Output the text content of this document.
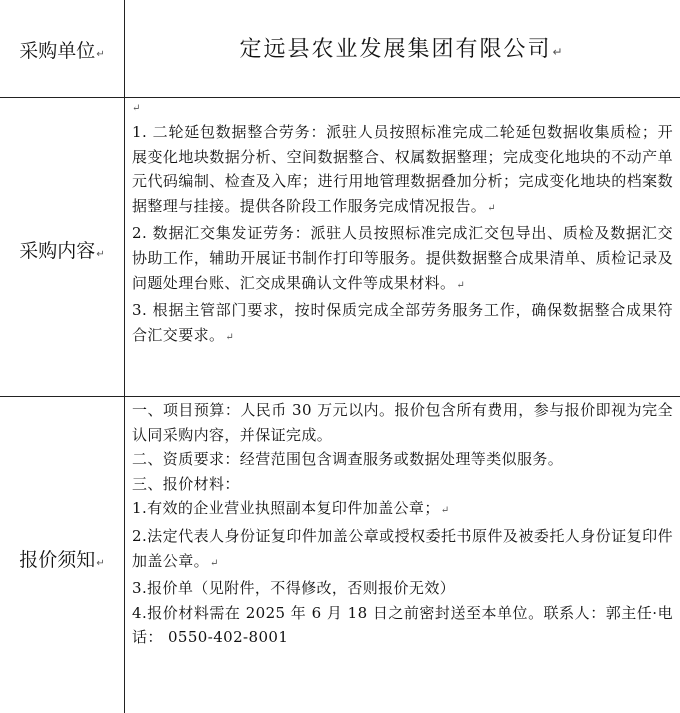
采购单位↵	定远县农业发展集团有限公司↵
↵
采购内容↵

1. 二轮延包数据整合劳务：派驻人员按照标准完成二轮延包数据收集质检；开展变化地块数据分析、空间数据整合、权属数据整理；完成变化地块的不动产单元代码编制、检查及入库；进行用地管理数据叠加分析；完成变化地块的档案数据整理与挂接。提供各阶段工作服务完成情况报告。↵

2. 数据汇交集发证劳务：派驻人员按照标准完成汇交包导出、质检及数据汇交协助工作，辅助开展证书制作打印等服务。提供数据整合成果清单、质检记录及问题处理台账、汇交成果确认文件等成果材料。↵

3. 根据主管部门要求，按时保质完成全部劳务服务工作，确保数据整合成果符合汇交要求。↵

报价须知↵

一、项目预算：人民币 30 万元以内。报价包含所有费用，参与报价即视为完全认同采购内容，并保证完成。

二、资质要求：经营范围包含调查服务或数据处理等类似服务。

三、报价材料：

1.有效的企业营业执照副本复印件加盖公章；↵

2.法定代表人身份证复印件加盖公章或授权委托书原件及被委托人身份证复印件加盖公章。↵

3.报价单（见附件，不得修改，否则报价无效）

4.报价材料需在 2025 年 6 月 18 日之前密封送至本单位。联系人：郭主任·电话： 0550-402-8001
